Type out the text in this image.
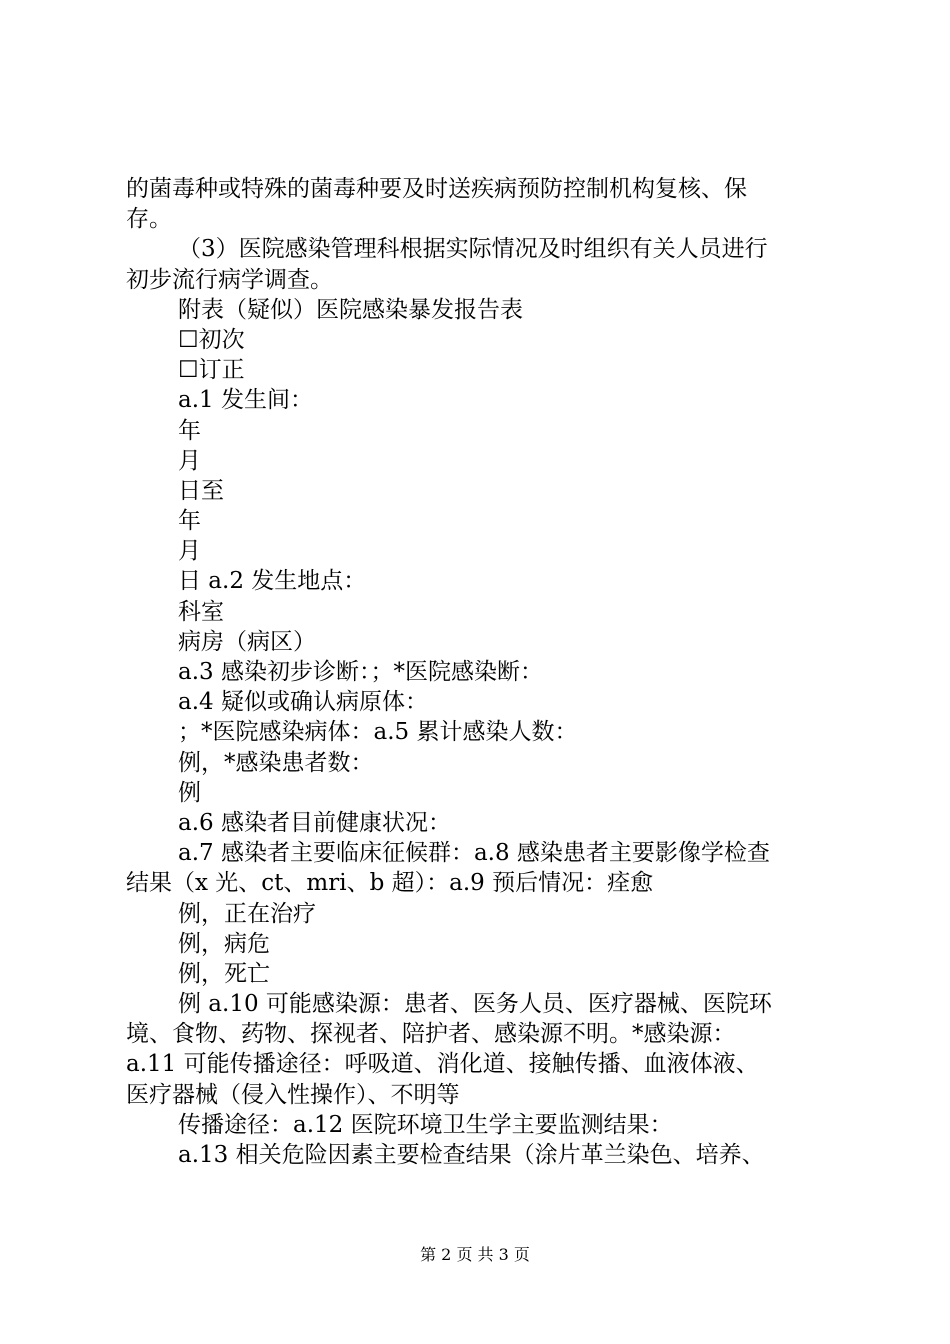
的菌毒种或特殊的菌毒种要及时送疾病预防控制机构复核、保
存。
（3）医院感染管理科根据实际情况及时组织有关人员进行
初步流行病学调查。
附表（疑似）医院感染暴发报告表
☐初次
☐订正
a.1 发生间：
年
月
日至
年
月
日 a.2 发生地点：
科室
病房（病区）
a.3 感染初步诊断：；*医院感染断：
a.4 疑似或确认病原体：
；*医院感染病体：a.5 累计感染人数：
例，*感染患者数：
例
a.6 感染者目前健康状况：
a.7 感染者主要临床征候群：a.8 感染患者主要影像学检查
结果（x 光、ct、mri、b 超）：a.9 预后情况：痊愈
例，正在治疗
例，病危
例，死亡
例 a.10 可能感染源：患者、医务人员、医疗器械、医院环
境、食物、药物、探视者、陪护者、感染源不明。*感染源：
a.11 可能传播途径：呼吸道、消化道、接触传播、血液体液、
医疗器械（侵入性操作）、不明等
传播途径：a.12 医院环境卫生学主要监测结果：
a.13 相关危险因素主要检查结果（涂片革兰染色、培养、
第 2 页 共 3 页
